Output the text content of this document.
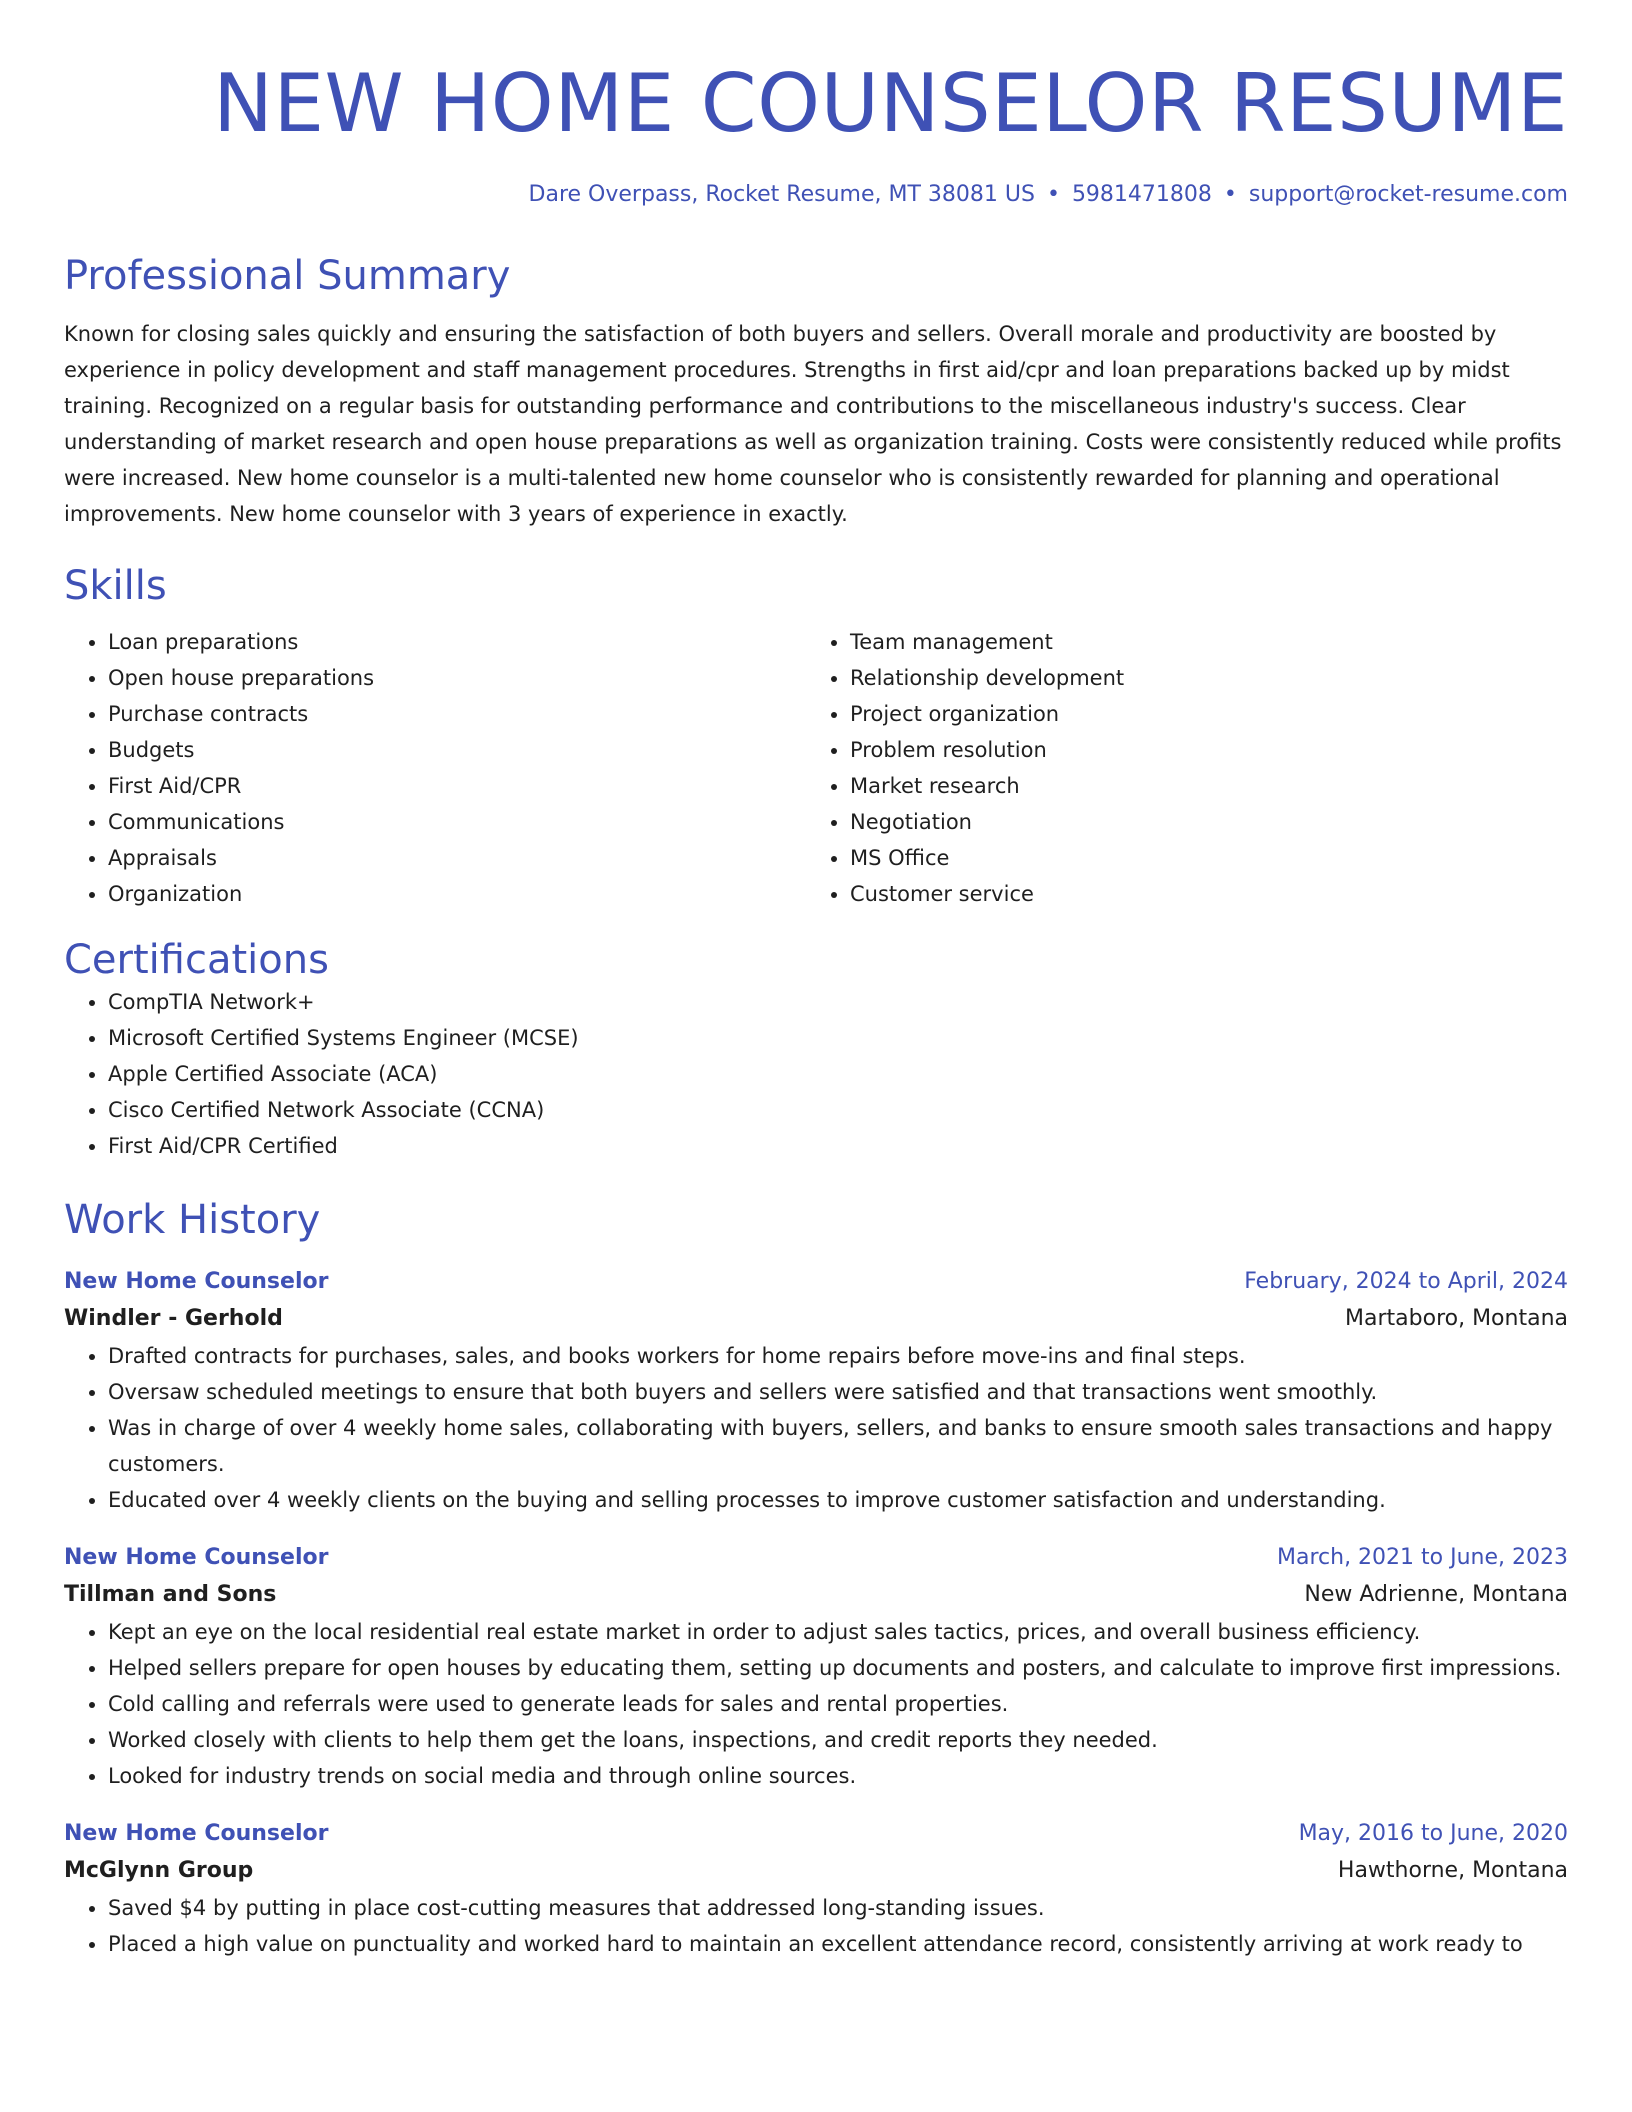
NEW HOME COUNSELOR RESUME
Dare Overpass, Rocket Resume, MT 38081 US • 5981471808 • support@rocket-resume.com
Professional Summary

Known for closing sales quickly and ensuring the satisfaction of both buyers and sellers. Overall morale and productivity are boosted by experience in policy development and staff management procedures. Strengths in first aid/cpr and loan preparations backed up by midst training. Recognized on a regular basis for outstanding performance and contributions to the miscellaneous industry's success. Clear understanding of market research and open house preparations as well as organization training. Costs were consistently reduced while profits were increased. New home counselor is a multi-talented new home counselor who is consistently rewarded for planning and operational improvements. New home counselor with 3 years of experience in exactly.

Skills
• Loan preparations
• Open house preparations
• Purchase contracts
• Budgets
• First Aid/CPR
• Communications
• Appraisals
• Organization
• Team management
• Relationship development
• Project organization
• Problem resolution
• Market research
• Negotiation
• MS Office
• Customer service
Certifications
• CompTIA Network+
• Microsoft Certified Systems Engineer (MCSE)
• Apple Certified Associate (ACA)
• Cisco Certified Network Associate (CCNA)
• First Aid/CPR Certified
Work History
New Home Counselor	February, 2024 to April, 2024
Windler - Gerhold	Martaboro, Montana
• Drafted contracts for purchases, sales, and books workers for home repairs before move-ins and final steps.
• Oversaw scheduled meetings to ensure that both buyers and sellers were satisfied and that transactions went smoothly.
• Was in charge of over 4 weekly home sales, collaborating with buyers, sellers, and banks to ensure smooth sales transactions and happy customers.
• Educated over 4 weekly clients on the buying and selling processes to improve customer satisfaction and understanding.
New Home Counselor	March, 2021 to June, 2023
Tillman and Sons	New Adrienne, Montana
• Kept an eye on the local residential real estate market in order to adjust sales tactics, prices, and overall business efficiency.
• Helped sellers prepare for open houses by educating them, setting up documents and posters, and calculate to improve first impressions.
• Cold calling and referrals were used to generate leads for sales and rental properties.
• Worked closely with clients to help them get the loans, inspections, and credit reports they needed.
• Looked for industry trends on social media and through online sources.
New Home Counselor	May, 2016 to June, 2020
McGlynn Group	Hawthorne, Montana
• Saved $4 by putting in place cost-cutting measures that addressed long-standing issues.
• Placed a high value on punctuality and worked hard to maintain an excellent attendance record, consistently arriving at work ready to
